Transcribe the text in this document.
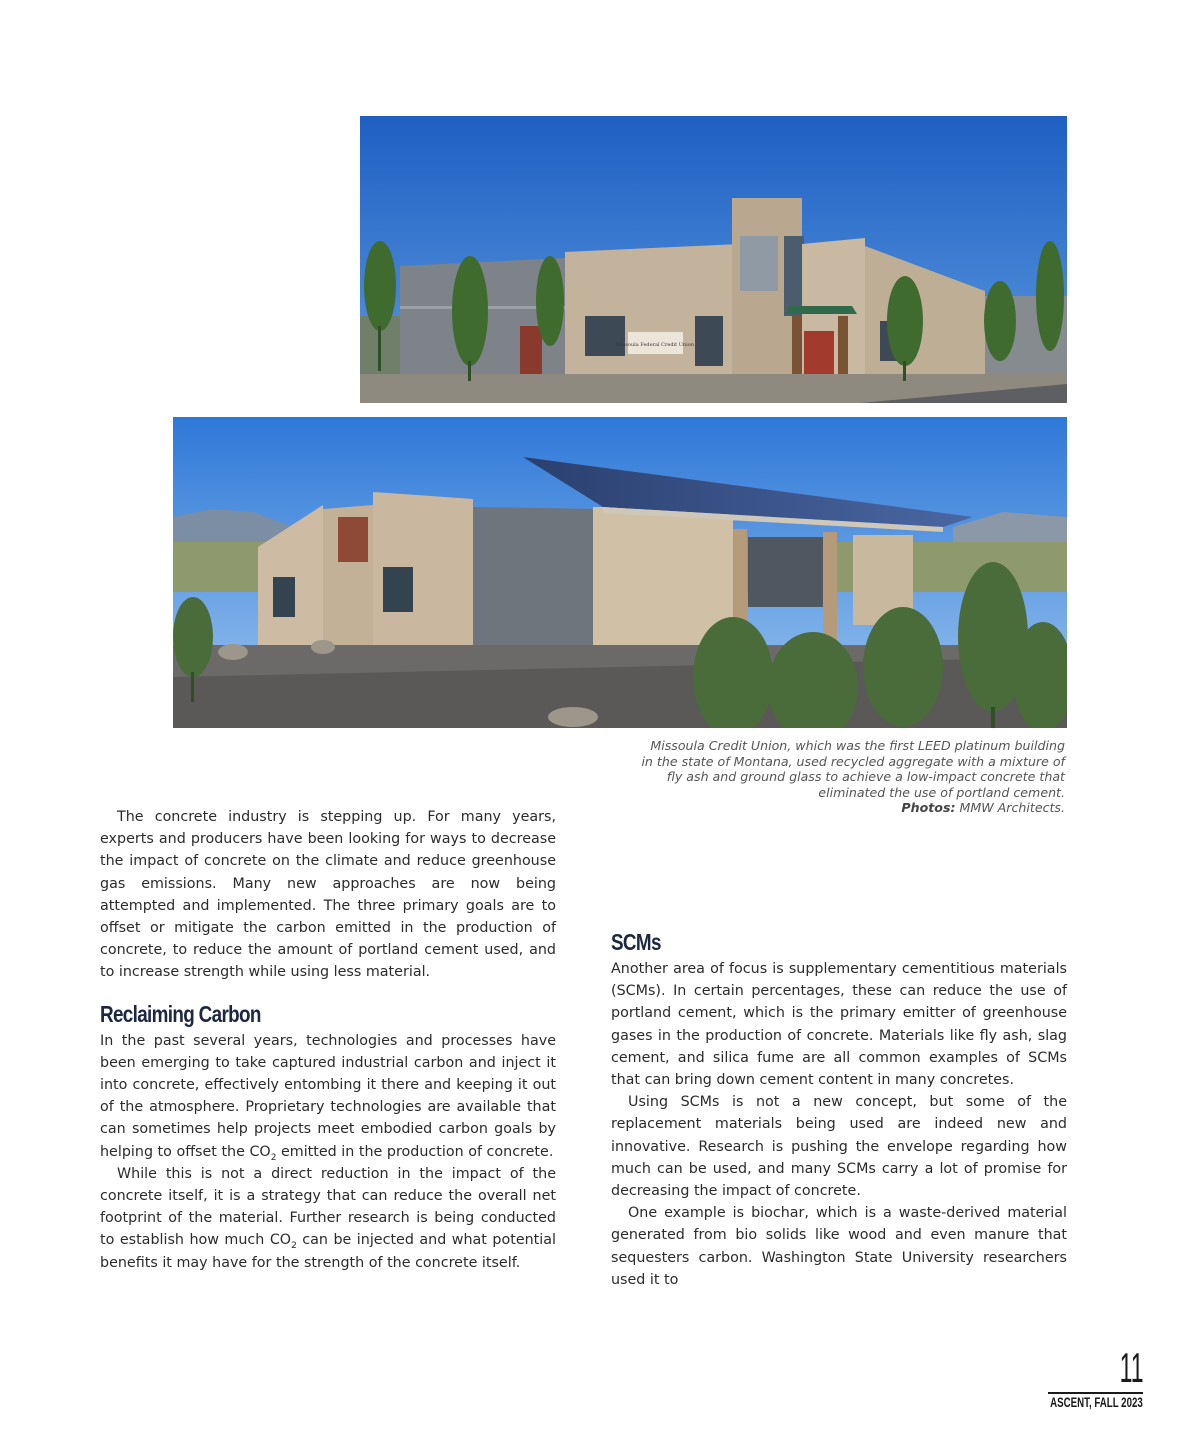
Missoula Federal Credit Union
Missoula Credit Union, which was the first LEED platinum building in the state of Montana, used recycled aggregate with a mixture of fly ash and ground glass to achieve a low-impact concrete that eliminated the use of portland cement.
Photos: MMW Architects.

The concrete industry is stepping up. For many years, experts and producers have been looking for ways to decrease the impact of concrete on the climate and reduce greenhouse gas emissions. Many new approaches are now being attempted and implemented. The three primary goals are to offset or mitigate the carbon emitted in the production of concrete, to reduce the amount of portland cement used, and to increase strength while using less material.

Reclaiming Carbon

In the past several years, technologies and processes have been emerging to take captured industrial carbon and inject it into concrete, effectively entombing it there and keeping it out of the atmosphere. Proprietary technologies are available that can sometimes help projects meet embodied carbon goals by helping to offset the $CO_2$ emitted in the production of concrete.

While this is not a direct reduction in the impact of the concrete itself, it is a strategy that can reduce the overall net footprint of the material. Further research is being conducted to establish how much $CO_2$ can be injected and what potential benefits it may have for the strength of the concrete itself.

SCMs

Another area of focus is supplementary cementitious materials (SCMs). In certain percentages, these can reduce the use of portland cement, which is the primary emitter of greenhouse gases in the production of concrete. Materials like fly ash, slag cement, and silica fume are all common examples of SCMs that can bring down cement content in many concretes.

Using SCMs is not a new concept, but some of the replacement materials being used are indeed new and innovative. Research is pushing the envelope regarding how much can be used, and many SCMs carry a lot of promise for decreasing the impact of concrete.

One example is biochar, which is a waste-derived material generated from bio solids like wood and even manure that sequesters carbon. Washington State University researchers used it to

11
ASCENT, FALL 2023
